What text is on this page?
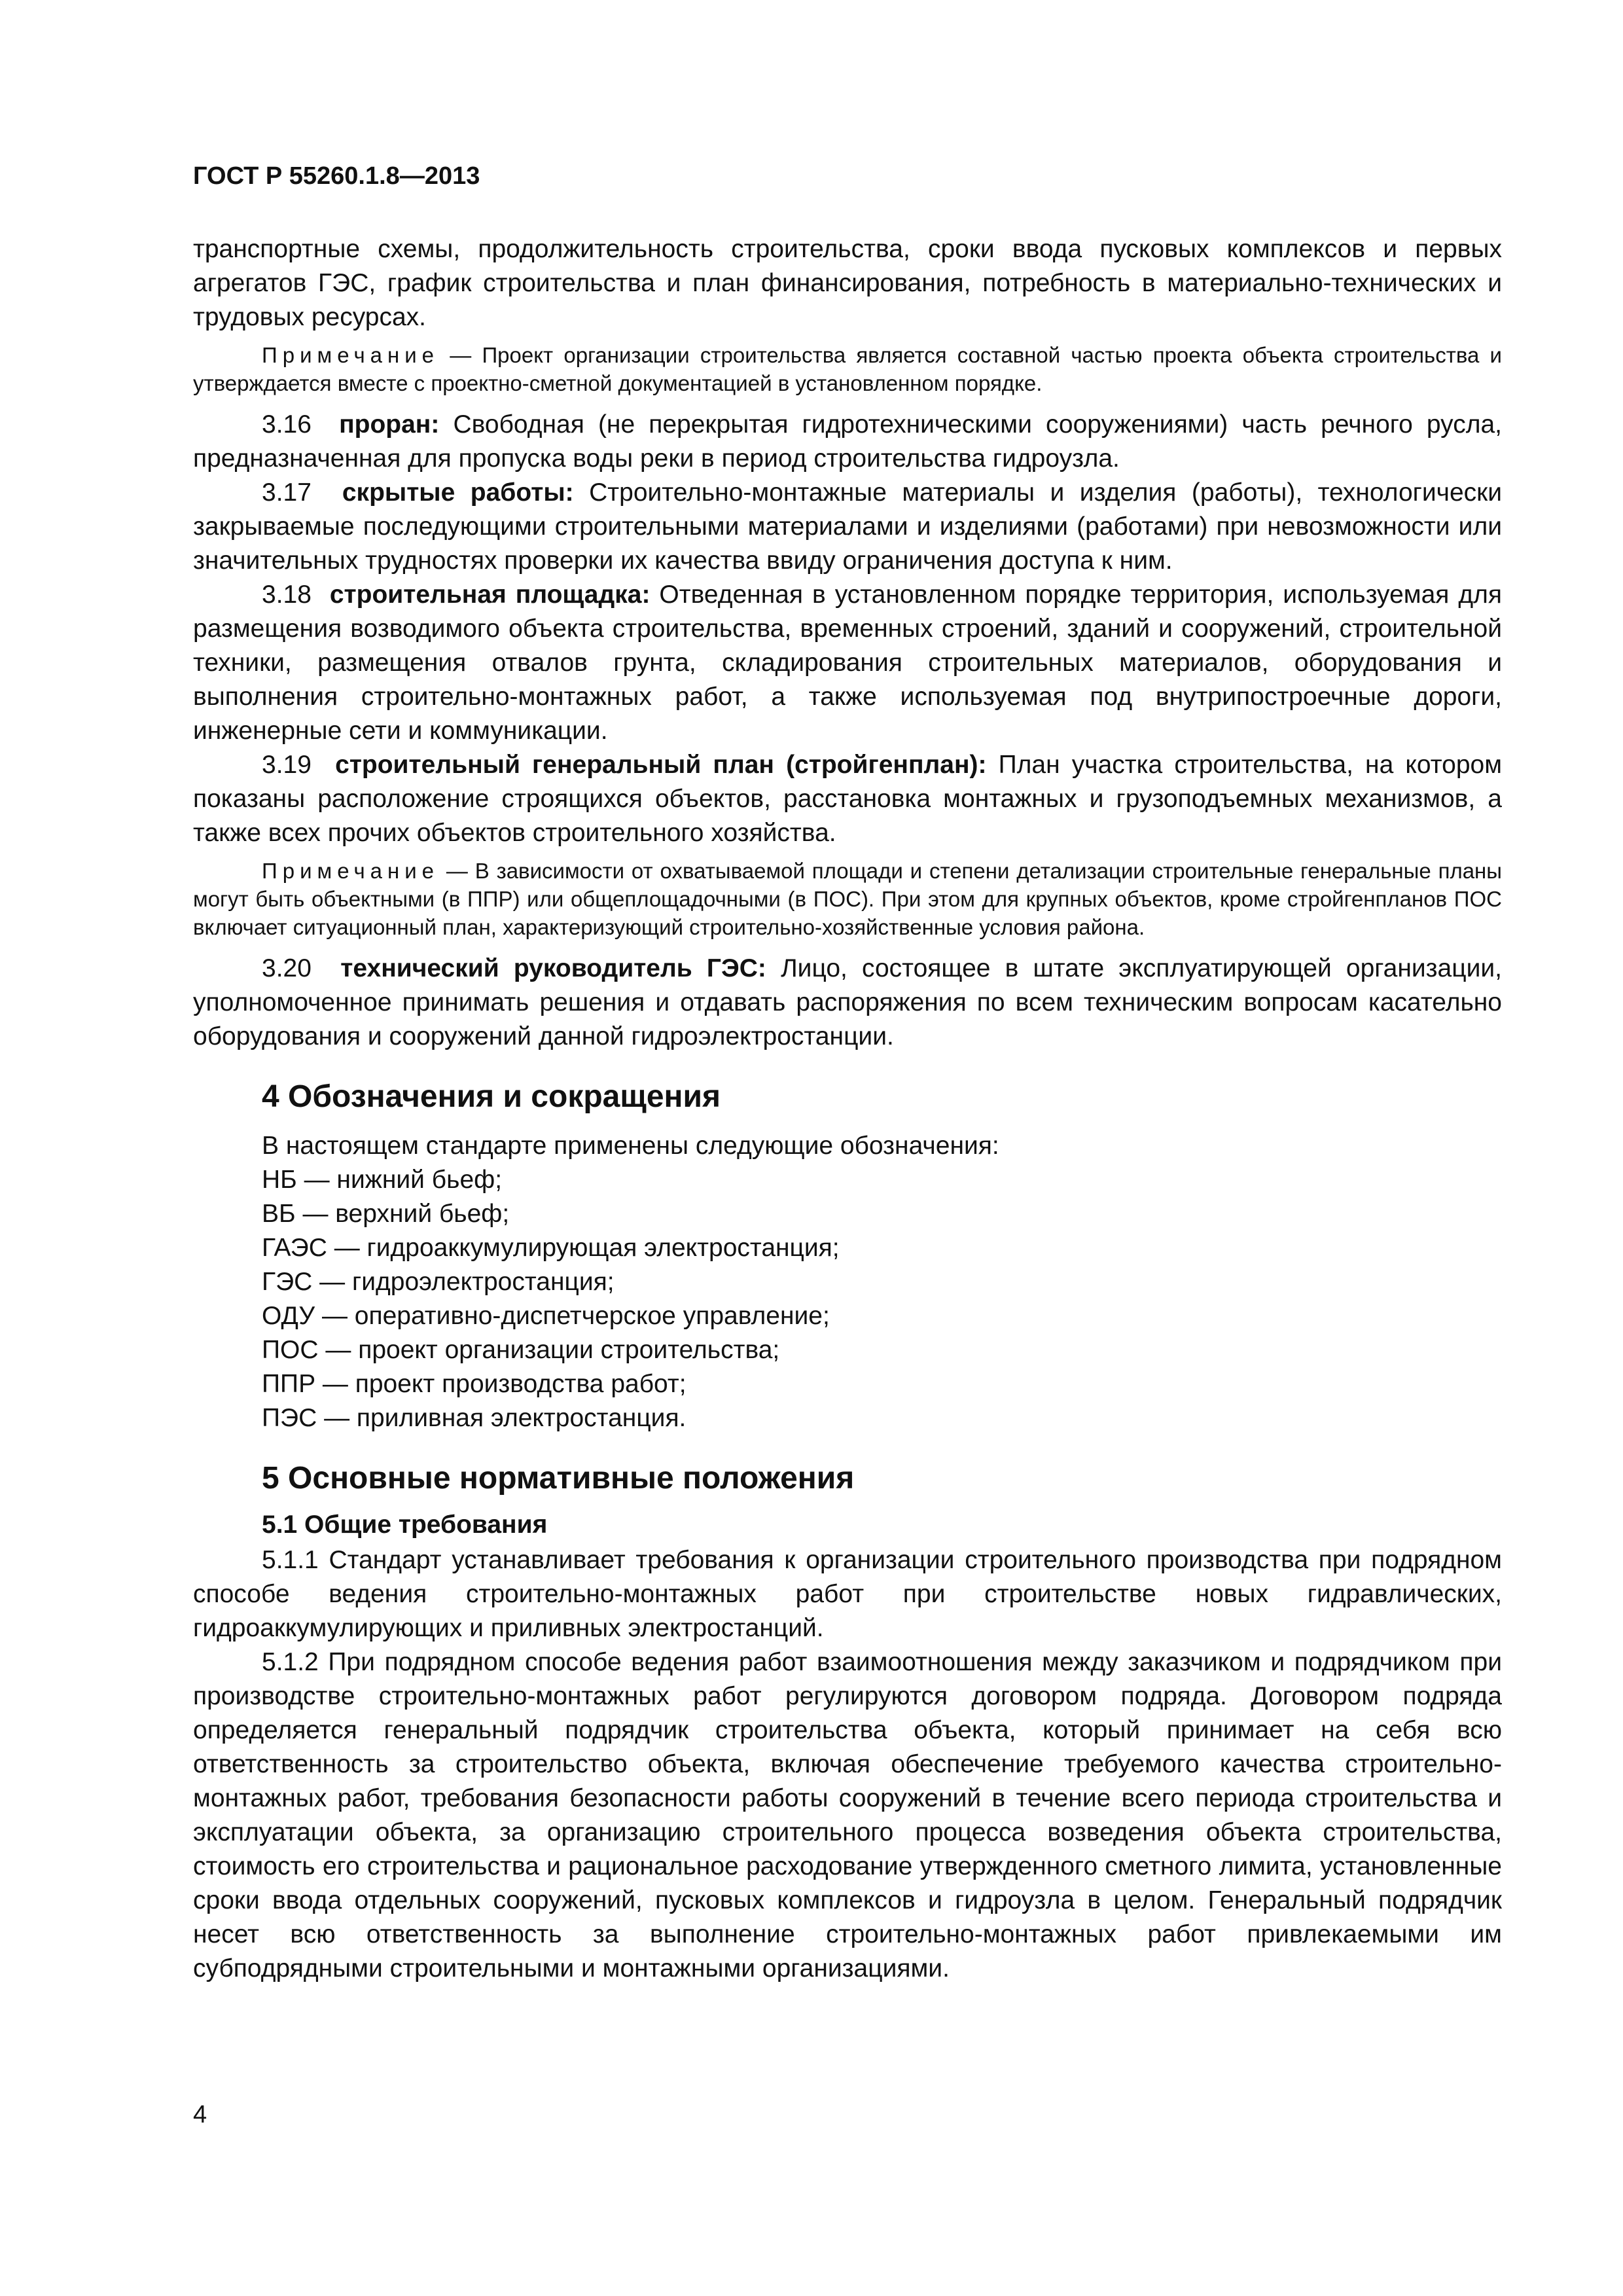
ГОСТ Р 55260.1.8—2013

транспортные схемы, продолжительность строительства, сроки ввода пусковых комплексов и первых агрегатов ГЭС, график строительства и план финансирования, потребность в материально-технических и трудовых ресурсах.

Примечание — Проект организации строительства является составной частью проекта объекта строительства и утверждается вместе с проектно-сметной документацией в установленном порядке.

3.16 проран: Свободная (не перекрытая гидротехническими сооружениями) часть речного русла, предназначенная для пропуска воды реки в период строительства гидроузла.

3.17 скрытые работы: Строительно-монтажные материалы и изделия (работы), технологически закрываемые последующими строительными материалами и изделиями (работами) при невозможности или значительных трудностях проверки их качества ввиду ограничения доступа к ним.

3.18 строительная площадка: Отведенная в установленном порядке территория, используемая для размещения возводимого объекта строительства, временных строений, зданий и сооружений, строительной техники, размещения отвалов грунта, складирования строительных материалов, оборудования и выполнения строительно-монтажных работ, а также используемая под внутрипостроечные дороги, инженерные сети и коммуникации.

3.19 строительный генеральный план (стройгенплан): План участка строительства, на котором показаны расположение строящихся объектов, расстановка монтажных и грузоподъемных механизмов, а также всех прочих объектов строительного хозяйства.

Примечание — В зависимости от охватываемой площади и степени детализации строительные генеральные планы могут быть объектными (в ППР) или общеплощадочными (в ПОС). При этом для крупных объектов, кроме стройгенпланов ПОС включает ситуационный план, характеризующий строительно-хозяйственные условия района.

3.20 технический руководитель ГЭС: Лицо, состоящее в штате эксплуатирующей организации, уполномоченное принимать решения и отдавать распоряжения по всем техническим вопросам касательно оборудования и сооружений данной гидроэлектростанции.

4 Обозначения и сокращения
В настоящем стандарте применены следующие обозначения:
НБ — нижний бьеф;
ВБ — верхний бьеф;
ГАЭС — гидроаккумулирующая электростанция;
ГЭС — гидроэлектростанция;
ОДУ — оперативно-диспетчерское управление;
ПОС — проект организации строительства;
ППР — проект производства работ;
ПЭС — приливная электростанция.
5 Основные нормативные положения
5.1 Общие требования

5.1.1 Стандарт устанавливает требования к организации строительного производства при подрядном способе ведения строительно-монтажных работ при строительстве новых гидравлических, гидроаккумулирующих и приливных электростанций.

5.1.2 При подрядном способе ведения работ взаимоотношения между заказчиком и подрядчиком при производстве строительно-монтажных работ регулируются договором подряда. Договором подряда определяется генеральный подрядчик строительства объекта, который принимает на себя всю ответственность за строительство объекта, включая обеспечение требуемого качества строительно-монтажных работ, требования безопасности работы сооружений в течение всего периода строительства и эксплуатации объекта, за организацию строительного процесса возведения объекта строительства, стоимость его строительства и рациональное расходование утвержденного сметного лимита, установленные сроки ввода отдельных сооружений, пусковых комплексов и гидроузла в целом. Генеральный подрядчик несет всю ответственность за выполнение строительно-монтажных работ привлекаемыми им субподрядными строительными и монтажными организациями.

4
